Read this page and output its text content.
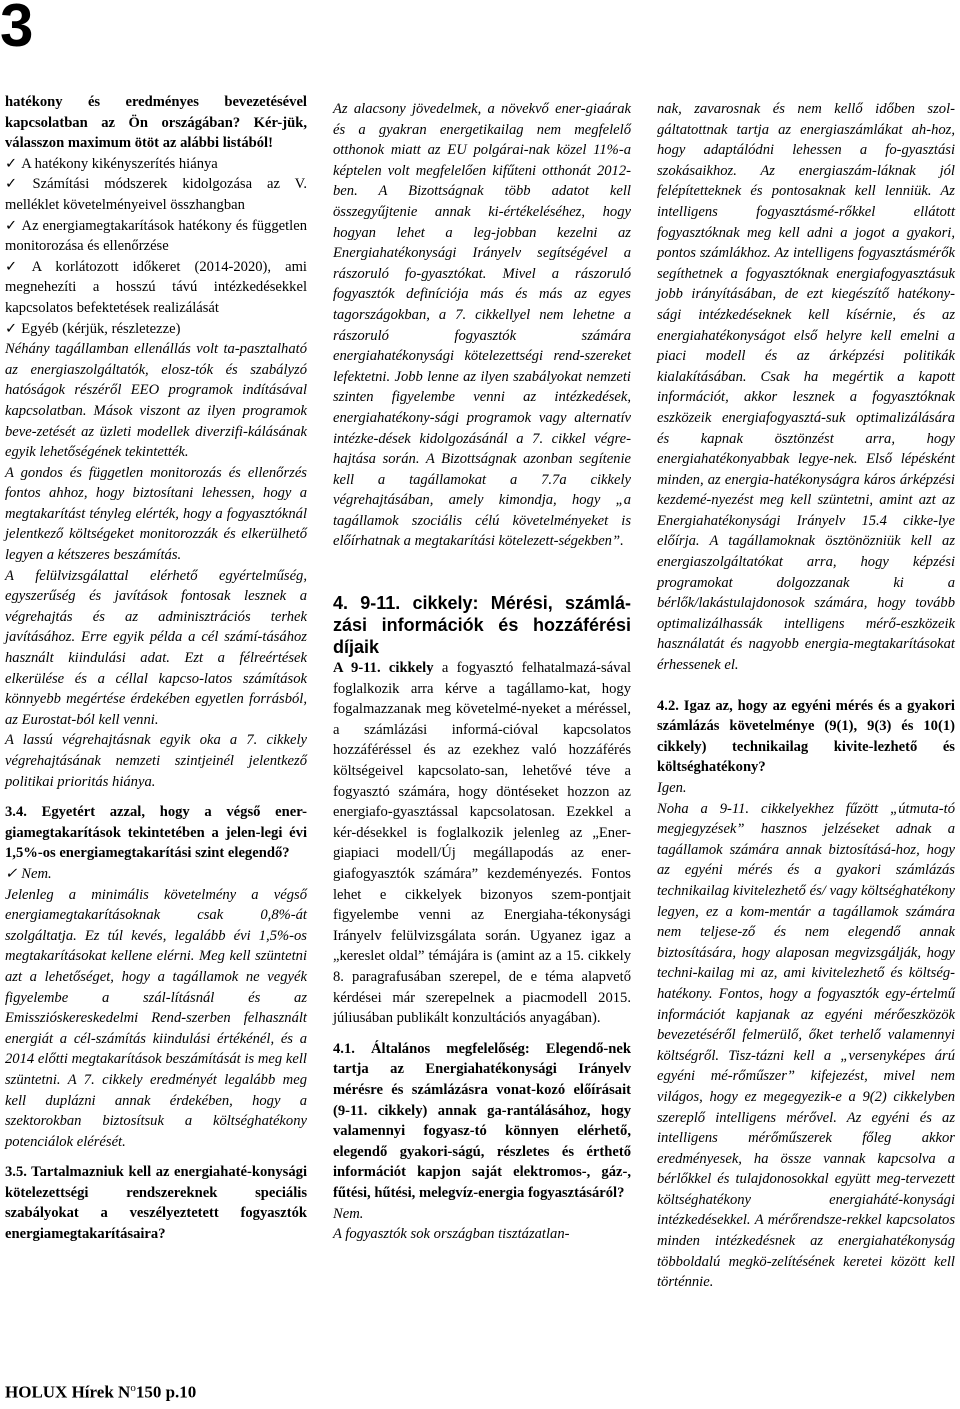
3

hatékony és eredményes bevezetésével kapcsolatban az Ön országában? Kér-jük, válasszon maximum ötöt az alábbi listából!

✓ A hatékony kikényszerítés hiánya

✓ Számítási módszerek kidolgozása az V. melléklet követelményeivel összhangban

✓ Az energiamegtakarítások hatékony és független monitorozása és ellenőrzése

✓ A korlátozott időkeret (2014-2020), ami megnehezíti a hosszú távú intézkedésekkel kapcsolatos befektetések realizálását

✓ Egyéb (kérjük, részletezze)

Néhány tagállamban ellenállás volt ta-pasztalható az energiaszolgáltatók, elosz-tók és szabályzó hatóságok részéről EEO programok indításával kapcsolatban. Mások viszont az ilyen programok beve-zetését az üzleti modellek diverzifi-kálásának egyik lehetőségének tekintették.

A gondos és független monitorozás és ellenőrzés fontos ahhoz, hogy biztosítani lehessen, hogy a megtakarítást tényleg elérték, hogy a fogyasztóknál jelentkező költségeket monitorozzák és elkerülhető legyen a kétszeres beszámítás.

A felülvizsgálattal elérhető egyértelműség, egyszerűség és javítások fontosak lesznek a végrehajtás és az adminisztrációs terhek javításához. Erre egyik példa a cél számí-tásához használt kiindulási adat. Ezt a félreértések elkerülése és a céllal kapcso-latos számítások könnyebb megértése érdekében egyetlen forrásból, az Eurostat-ból kell venni.

A lassú végrehajtásnak egyik oka a 7. cikkely végrehajtásának nemzeti szintjeinél jelentkező politikai prioritás hiánya.

3.4. Egyetért azzal, hogy a végső ener-giamegtakarítások tekintetében a jelen-legi évi 1,5%-os energiamegtakarítási szint elegendő?

✓ Nem.

Jelenleg a minimális követelmény a végső energiamegtakarításoknak csak 0,8%-át szolgáltatja. Ez túl kevés, legalább évi 1,5%-os megtakarításokat kellene elérni. Meg kell szüntetni azt a lehetőséget, hogy a tagállamok ne vegyék figyelembe a szál-lításnál és az Emisszióskereskedelmi Rend-szerben felhasznált energiát a cél-számítás kiindulási értékénél, és a 2014 előtti megtakarítások beszámítását is meg kell szüntetni. A 7. cikkely eredményét legalább meg kell duplázni annak érdekében, hogy a szektorokban biztosítsuk a költséghatékony potenciálok elérését.

3.5. Tartalmazniuk kell az energiahaté-konysági kötelezettségi rendszereknek speciális szabályokat a veszélyeztetett fogyasztók energiamegtakarításaira?

Az alacsony jövedelmek, a növekvő ener-giaárak és a gyakran energetikailag nem megfelelő otthonok miatt az EU polgárai-nak közel 11%-a képtelen volt megfelelően kifűteni otthonát 2012-ben. A Bizottságnak több adatot kell összegyűjtenie annak ki-értékeléséhez, hogy hogyan lehet a leg-jobban kezelni az Energiahatékonysági Irányelv segítségével a rászoruló fo-gyasztókat. Mivel a rászoruló fogyasztók definíciója más és más az egyes tagországokban, a 7. cikkellyel nem lehetne a rászoruló fogyasztók számára energiahatékonysági kötelezettségi rend-szereket lefektetni. Jobb lenne az ilyen szabályokat nemzeti szinten figyelembe venni az intézkedések, energiahatékony-sági programok vagy alternatív intézke-dések kidolgozásánál a 7. cikkel végre-hajtása során. A Bizottságnak azonban segítenie kell a tagállamokat a 7.7a cikkely végrehajtásában, amely kimondja, hogy „a tagállamok szociális célú követelményeket is előírhatnak a megtakarítási kötelezett-ségekben”.

4. 9-11. cikkely: Mérési, számlá-zási információk és hozzáférési díjaik

A 9-11. cikkely a fogyasztó felhatalmazá-sával foglalkozik arra kérve a tagállamo-kat, hogy fogalmazzanak meg követelmé-nyeket a méréssel, a számlázási informá-cióval kapcsolatos hozzáféréssel és az ezekhez való hozzáférés költségeivel kapcsolato-san, lehetővé téve a fogyasztó számára, hogy döntéseket hozzon az energiafo-gyasztással kapcsolatosan. Ezekkel a kér-désekkel is foglalkozik jelenleg az „Ener-giapiaci modell/Új megállapodás az ener-giafogyasztók számára” kezdeményezés. Fontos lehet e cikkelyek bizonyos szem-pontjait figyelembe venni az Energiaha-tékonysági Irányelv felülvizsgálata során. Ugyanez igaz a „kereslet oldal” témájára is (amint az a 15. cikkely 8. paragrafusában szerepel, de e téma alapvető kérdései már szerepelnek a piacmodell 2015. júliusában publikált konzultációs anyagában).

4.1. Általános megfelelőség: Elegendő-nek tartja az Energiahatékonysági Irányelv mérésre és számlázásra vonat-kozó előírásait (9-11. cikkely) annak ga-rantálásához, hogy valamennyi fogyasz-tó könnyen elérhető, elegendő gyakori-ságú, részletes és érthető információt kapjon saját elektromos-, gáz-, fűtési, hűtési, melegvíz-energia fogyasztásáról?

Nem.

A fogyasztók sok országban tisztázatlan-

nak, zavarosnak és nem kellő időben szol-gáltatottnak tartja az energiaszámlákat ah-hoz, hogy adaptálódni lehessen a fo-gyasztási szokásaikhoz. Az energiaszám-láknak jól felépítetteknek és pontosaknak kell lenniük. Az intelligens fogyasztásmé-rőkkel ellátott fogyasztóknak meg kell adni a jogot a gyakori, pontos számlákhoz. Az intelligens fogyasztásmérők segíthetnek a fogyasztóknak energiafogyasztásuk jobb irányításában, de ezt kiegészítő hatékony-sági intézkedéseknek kell kísérnie, és az energiahatékonyságot első helyre kell emelni a piaci modell és az árképzési politikák kialakításában. Csak ha megértik a kapott információt, akkor lesznek a fogyasztóknak eszközeik energiafogyasztá-suk optimalizálására és kapnak ösztönzést arra, hogy energiahatékonyabbak legye-nek. Első lépésként minden, az energia-hatékonyságra káros árképzési kezdemé-nyezést meg kell szüntetni, amint azt az Energiahatékonysági Irányelv 15.4 cikke-lye előírja. A tagállamoknak ösztönözniük kell az energiaszolgáltatókat arra, hogy képzési programokat dolgozzanak ki a bérlők/lakástulajdonosok számára, hogy tovább optimalizálhassák intelligens mérő-eszközeik használatát és nagyobb energia-megtakarításokat érhessenek el.

4.2. Igaz az, hogy az egyéni mérés és a gyakori számlázás követelménye (9(1), 9(3) és 10(1) cikkely) technikailag kivite-lezhető és költséghatékony?

Igen.

Noha a 9-11. cikkelyekhez fűzött „útmuta-tó megjegyzések” hasznos jelzéseket adnak a tagállamok számára annak biztosításá-hoz, hogy az egyéni mérés és a gyakori számlázás technikailag kivitelezhető és/ vagy költséghatékony legyen, ez a kom-mentár a tagállamok számára nem teljese-ző és nem elegendő annak biztosítására, hogy alaposan megvizsgálják, hogy techni-kailag mi az, ami kivitelezhető és költség-hatékony. Fontos, hogy a fogyasztók egy-értelmű információt kapjanak az egyéni mérőeszközök bevezetéséről felmerülő, őket terhelő valamennyi költségről. Tisz-tázni kell a „versenyképes árú egyéni mé-rőműszer” kifejezést, mivel nem világos, hogy ez megegyezik-e a 9(2) cikkelyben szereplő intelligens mérővel. Az egyéni és az intelligens mérőműszerek főleg akkor eredményesek, ha össze vannak kapcsolva a bérlőkkel és tulajdonosokkal együtt meg-tervezett költséghatékony energiaháté-konysági intézkedésekkel. A mérőrendsze-rekkel kapcsolatos minden intézkedésnek az energiahatékonyság többoldalú megkö-zelítésének keretei között kell történnie.

HOLUX Hírek $N^o150$ p.10
